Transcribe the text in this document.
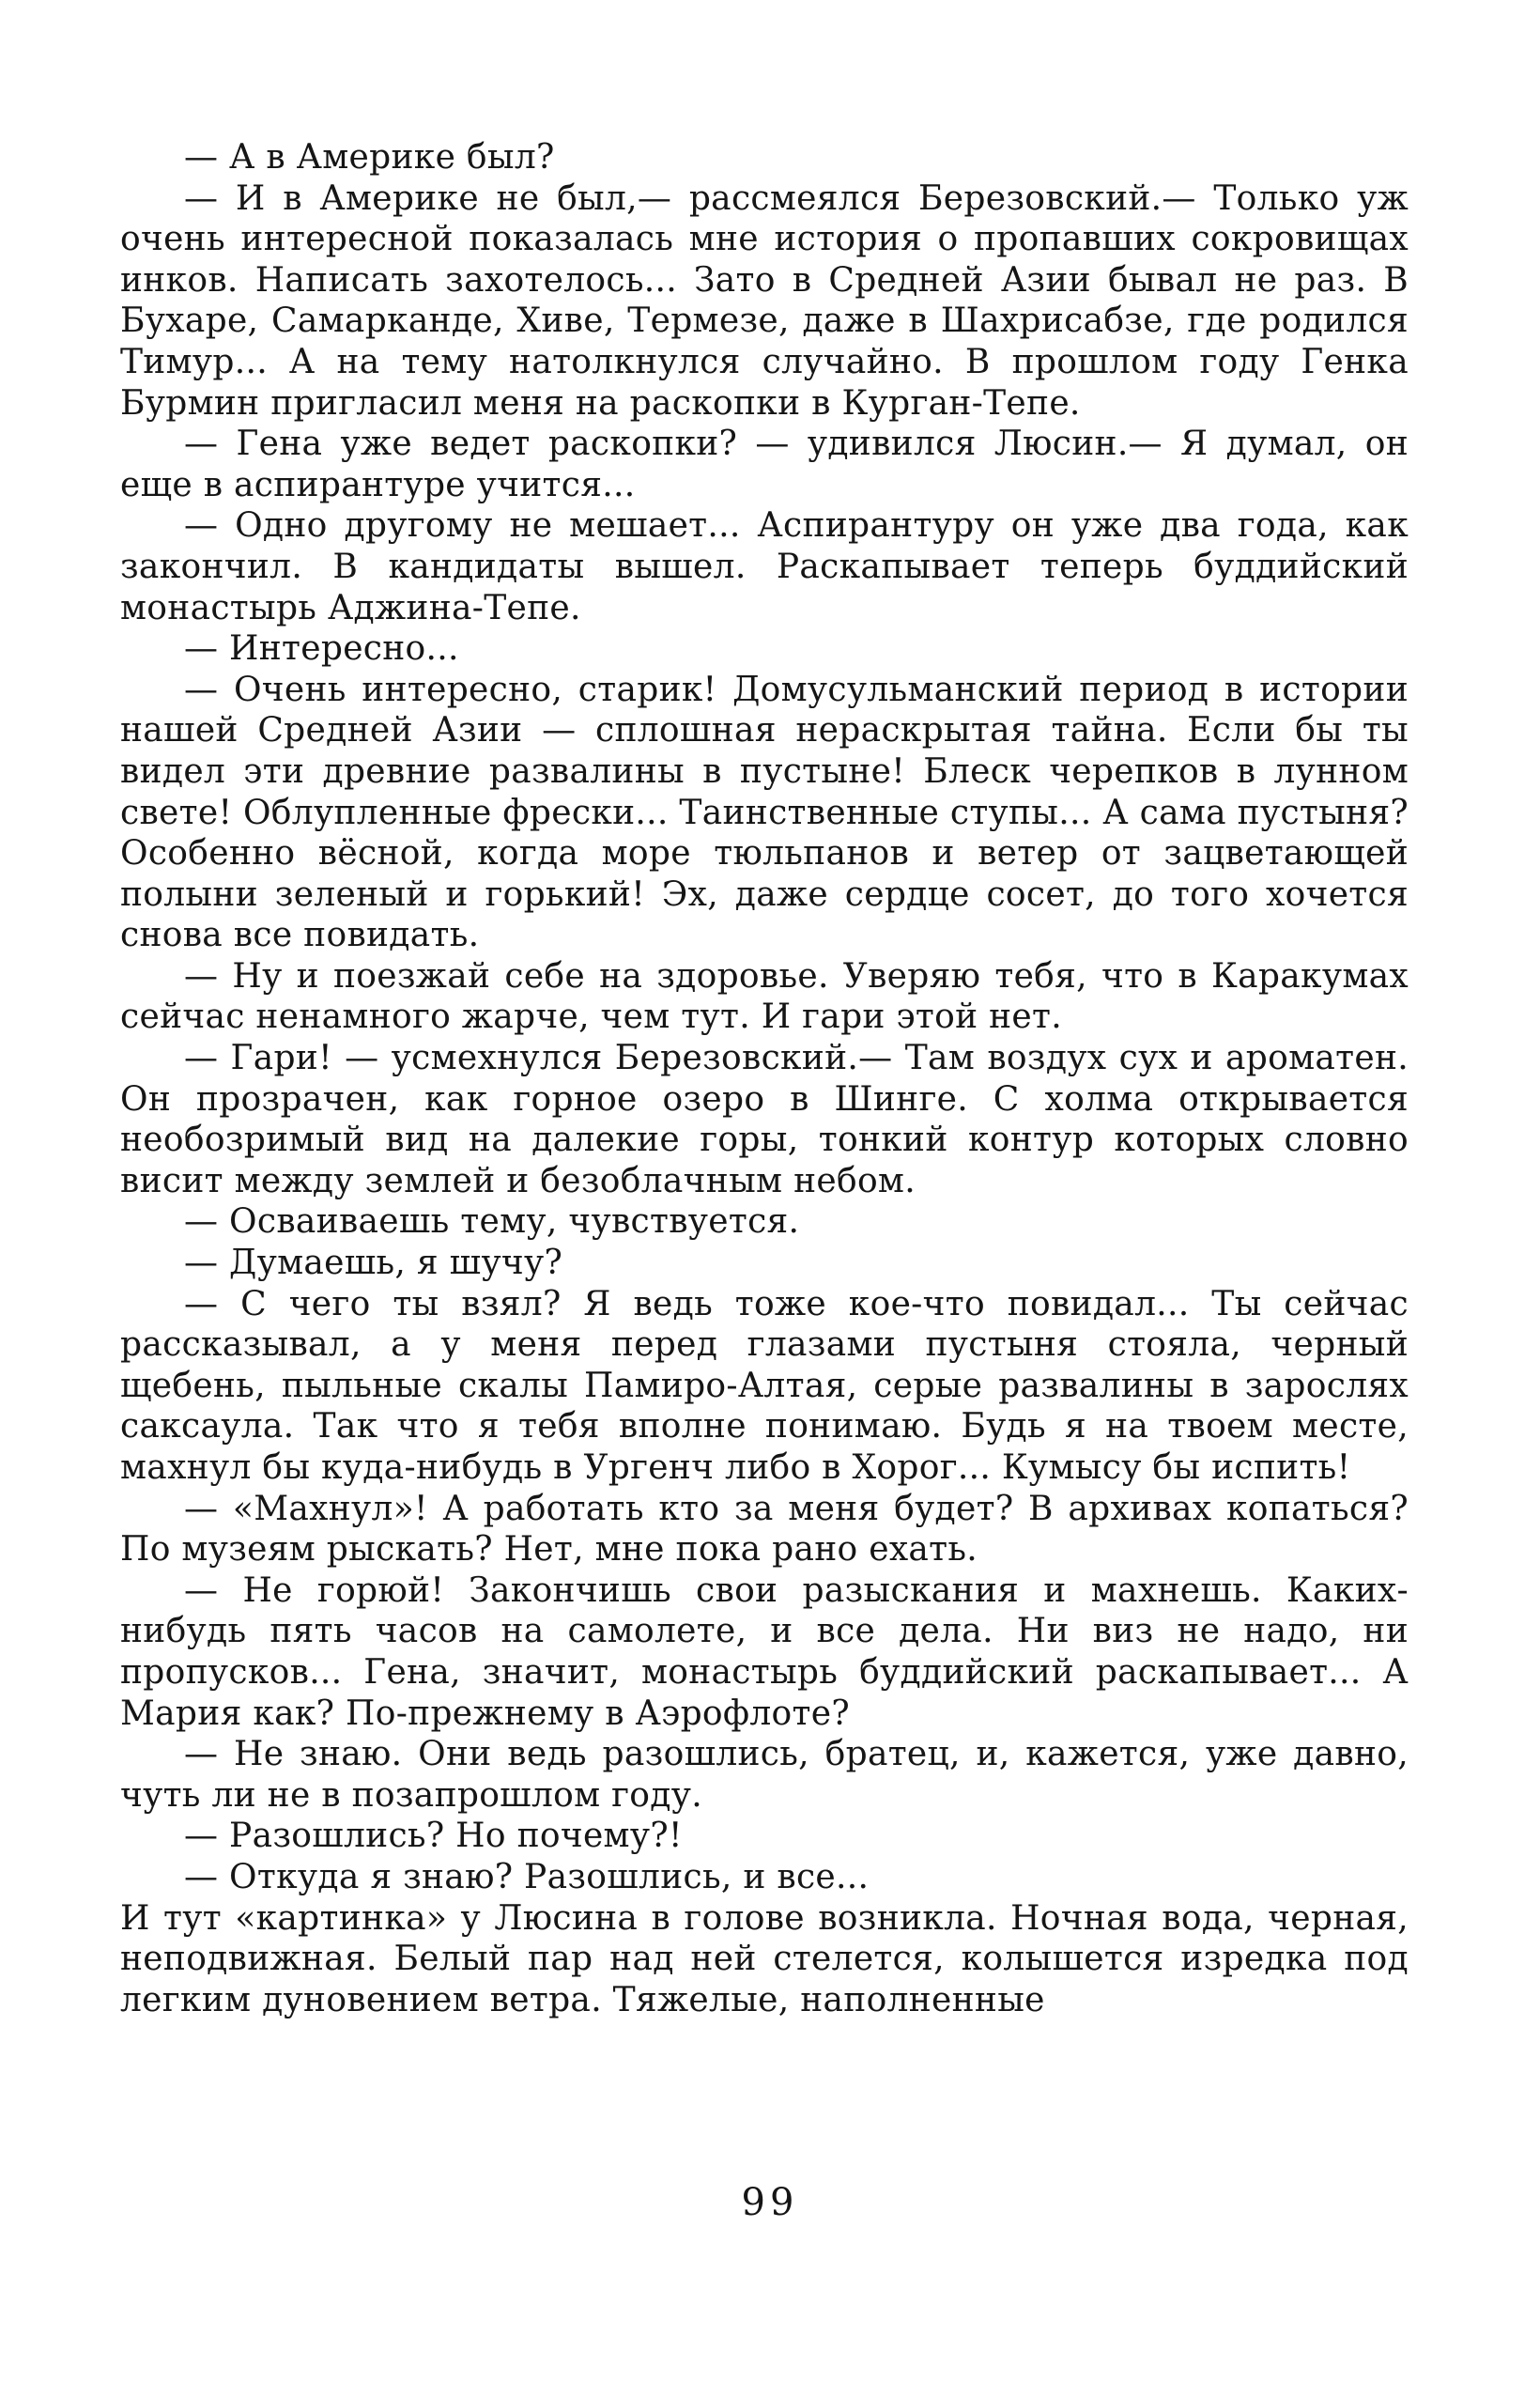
— А в Америке был?

— И в Америке не был,— рассмеялся Березовский.— Только уж очень интересной показалась мне история о пропавших сокровищах инков. Написать захотелось... Зато в Средней Азии бывал не раз. В Бухаре, Самарканде, Хиве, Термезе, даже в Шахрисабзе, где родился Тимур... А на тему натолкнулся случайно. В прошлом году Генка Бурмин пригласил меня на раскопки в Курган-Тепе.

— Гена уже ведет раскопки? — удивился Люсин.— Я думал, он еще в аспирантуре учится...

— Одно другому не мешает... Аспирантуру он уже два года, как закончил. В кандидаты вышел. Раскапывает теперь буддийский монастырь Аджина-Тепе.

— Интересно...

— Очень интересно, старик! Домусульманский период в истории нашей Средней Азии — сплошная нераскрытая тайна. Если бы ты видел эти древние развалины в пустыне! Блеск черепков в лунном свете! Облупленные фрески... Таинственные ступы... А сама пустыня? Особенно вёсной, когда море тюльпанов и ветер от зацветающей полыни зеленый и горький! Эх, даже сердце сосет, до того хочется снова все повидать.

— Ну и поезжай себе на здоровье. Уверяю тебя, что в Каракумах сейчас ненамного жарче, чем тут. И гари этой нет.

— Гари! — усмехнулся Березовский.— Там воздух сух и ароматен. Он прозрачен, как горное озеро в Шинге. С холма открывается необозримый вид на далекие горы, тонкий контур которых словно висит между землей и безоблачным небом.

— Осваиваешь тему, чувствуется.

— Думаешь, я шучу?

— С чего ты взял? Я ведь тоже кое-что повидал... Ты сейчас рассказывал, а у меня перед глазами пустыня стояла, черный щебень, пыльные скалы Памиро-Алтая, серые развалины в зарослях саксаула. Так что я тебя вполне понимаю. Будь я на твоем месте, махнул бы куда-нибудь в Ургенч либо в Хорог... Кумысу бы испить!

— «Махнул»! А работать кто за меня будет? В архивах копаться? По музеям рыскать? Нет, мне пока рано ехать.

— Не горюй! Закончишь свои разыскания и махнешь. Каких-нибудь пять часов на самолете, и все дела. Ни виз не надо, ни пропусков... Гена, значит, монастырь буддийский раскапывает... А Мария как? По-прежнему в Аэрофлоте?

— Не знаю. Они ведь разошлись, братец, и, кажется, уже давно, чуть ли не в позапрошлом году.

— Разошлись? Но почему?!

— Откуда я знаю? Разошлись, и все...

И тут «картинка» у Люсина в голове возникла. Ночная вода, черная, неподвижная. Белый пар над ней стелется, колышется изредка под легким дуновением ветра. Тяжелые, наполненные

99
